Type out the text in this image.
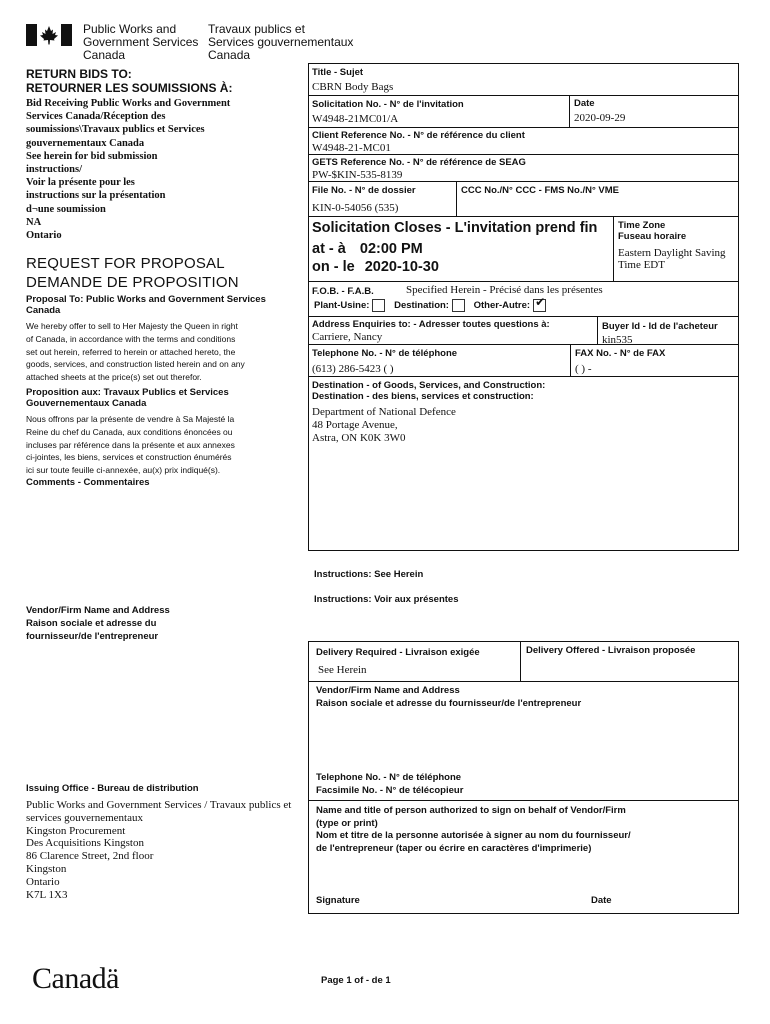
Public Works and
Government Services
Canada
Travaux publics et
Services gouvernementaux
Canada
RETURN BIDS TO:
RETOURNER LES SOUMISSIONS À:
Bid Receiving Public Works and Government
Services Canada/Réception des
soumissions\Travaux publics et Services
gouvernementaux Canada
See herein for bid submission
instructions/
Voir la présente pour les
instructions sur la présentation
d¬une soumission
NA
Ontario
REQUEST FOR PROPOSAL
DEMANDE DE PROPOSITION
Proposal To: Public Works and Government Services Canada
We hereby offer to sell to Her Majesty the Queen in right
of Canada, in accordance with the terms and conditions
set out herein, referred to herein or attached hereto, the
goods, services, and construction listed herein and on any
attached sheets at the price(s) set out therefor.
Proposition aux: Travaux Publics et Services Gouvernementaux Canada
Nous offrons par la présente de vendre à Sa Majesté la
Reine du chef du Canada, aux conditions énoncées ou
incluses par référence dans la présente et aux annexes
ci-jointes, les biens, services et construction énumérés
ici sur toute feuille ci-annexée, au(x) prix indiqué(s).
Comments - Commentaires
Vendor/Firm Name and Address
Raison sociale et adresse du
fournisseur/de l'entrepreneur
Issuing Office - Bureau de distribution
Public Works and Government Services / Travaux publics et
services gouvernementaux
Kingston Procurement
Des Acquisitions Kingston
86 Clarence Street, 2nd floor
Kingston
Ontario
K7L 1X3
Title - Sujet
CBRN Body Bags
Solicitation No. - N° de l'invitation
W4948-21MC01/A
Date
2020-09-29
Client Reference No. - N° de référence du client
W4948-21-MC01
GETS Reference No. - N° de référence de SEAG
PW-$KIN-535-8139
File No. - N° de dossier
KIN-0-54056 (535)
CCC No./N° CCC - FMS No./N° VME
Solicitation Closes - L'invitation prend fin
at - à 02:00 PM
on - le 2020-10-30
Time Zone
Fuseau horaire
Eastern Daylight Saving
Time EDT
F.O.B. - F.A.B.	Specified Herein - Précisé dans les présentes
Plant-Usine:	Destination:	Other-Autre:✔
Address Enquiries to: - Adresser toutes questions à:
Carriere, Nancy
Buyer Id - Id de l'acheteur
kin535
Telephone No. - N° de téléphone
(613) 286-5423 ( )
FAX No. - N° de FAX
( ) -
Destination - of Goods, Services, and Construction:
Destination - des biens, services et construction:
Department of National Defence
48 Portage Avenue,
Astra, ON K0K 3W0
Instructions: See Herein
Instructions: Voir aux présentes
Delivery Required - Livraison exigée
See Herein
Delivery Offered - Livraison proposée
Vendor/Firm Name and Address
Raison sociale et adresse du fournisseur/de l'entrepreneur
Telephone No. - N° de téléphone
Facsimile No. - N° de télécopieur
Name and title of person authorized to sign on behalf of Vendor/Firm
(type or print)
Nom et titre de la personne autorisée à signer au nom du fournisseur/
de l'entrepreneur (taper ou écrire en caractères d'imprimerie)
Signature	Date
Canadä	Page 1 of - de 1
